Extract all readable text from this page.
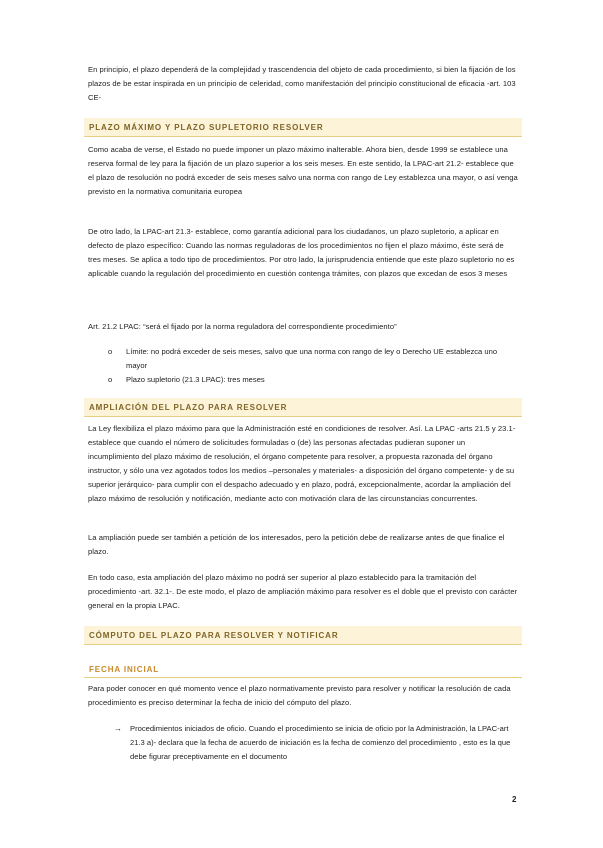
En principio, el plazo dependerá de la complejidad y trascendencia del objeto de cada procedimiento, si bien la fijación de los plazos de be estar inspirada en un principio de celeridad, como manifestación del principio constitucional de eficacia -art. 103 CE-

PLAZO MÁXIMO Y PLAZO SUPLETORIO RESOLVER

Como acaba de verse, el Estado no puede imponer un plazo máximo inalterable. Ahora bien, desde 1999 se establece una reserva formal de ley para la fijación de un plazo superior a los seis meses. En este sentido, la LPAC-art 21.2- establece que el plazo de resolución no podrá exceder de seis meses salvo una norma con rango de Ley establezca una mayor, o así venga previsto en la normativa comunitaria europea

De otro lado, la LPAC-art 21.3- establece, como garantía adicional para los ciudadanos, un plazo supletorio, a aplicar en defecto de plazo específico: Cuando las normas reguladoras de los procedimientos no fijen el plazo máximo, éste será de tres meses. Se aplica a todo tipo de procedimientos. Por otro lado, la jurisprudencia entiende que este plazo supletorio no es aplicable cuando la regulación del procedimiento en cuestión contenga trámites, con plazos que excedan de esos 3 meses

Art. 21.2 LPAC: “será el fijado por la norma reguladora del correspondiente procedimiento”

o Límite: no podrá exceder de seis meses, salvo que una norma con rango de ley o Derecho UE establezca uno mayor
o Plazo supletorio (21.3 LPAC): tres meses
AMPLIACIÓN DEL PLAZO PARA RESOLVER

La Ley flexibiliza el plazo máximo para que la Administración esté en condiciones de resolver. Así. La LPAC -arts 21.5 y 23.1- establece que cuando el número de solicitudes formuladas o (de) las personas afectadas pudieran suponer un incumplimiento del plazo máximo de resolución, el órgano competente para resolver, a propuesta razonada del órgano instructor, y sólo una vez agotados todos los medios –personales y materiales- a disposición del órgano competente- y de su superior jerárquico- para cumplir con el despacho adecuado y en plazo, podrá, excepcionalmente, acordar la ampliación del plazo máximo de resolución y notificación, mediante acto con motivación clara de las circunstancias concurrentes.

La ampliación puede ser también a petición de los interesados, pero la petición debe de realizarse antes de que finalice el plazo.

En todo caso, esta ampliación del plazo máximo no podrá ser superior al plazo establecido para la tramitación del procedimiento -art. 32.1-. De este modo, el plazo de ampliación máximo para resolver es el doble que el previsto con carácter general en la propia LPAC.

CÓMPUTO DEL PLAZO PARA RESOLVER Y NOTIFICAR
FECHA INICIAL

Para poder conocer en qué momento vence el plazo normativamente previsto para resolver y notificar la resolución de cada procedimiento es preciso determinar la fecha de inicio del cómputo del plazo.

→ Procedimientos iniciados de oficio. Cuando el procedimiento se inicia de oficio por la Administración, la LPAC-art 21.3 a)- declara que la fecha de acuerdo de iniciación es la fecha de comienzo del procedimiento , esto es la que debe figurar preceptivamente en el documento
2
